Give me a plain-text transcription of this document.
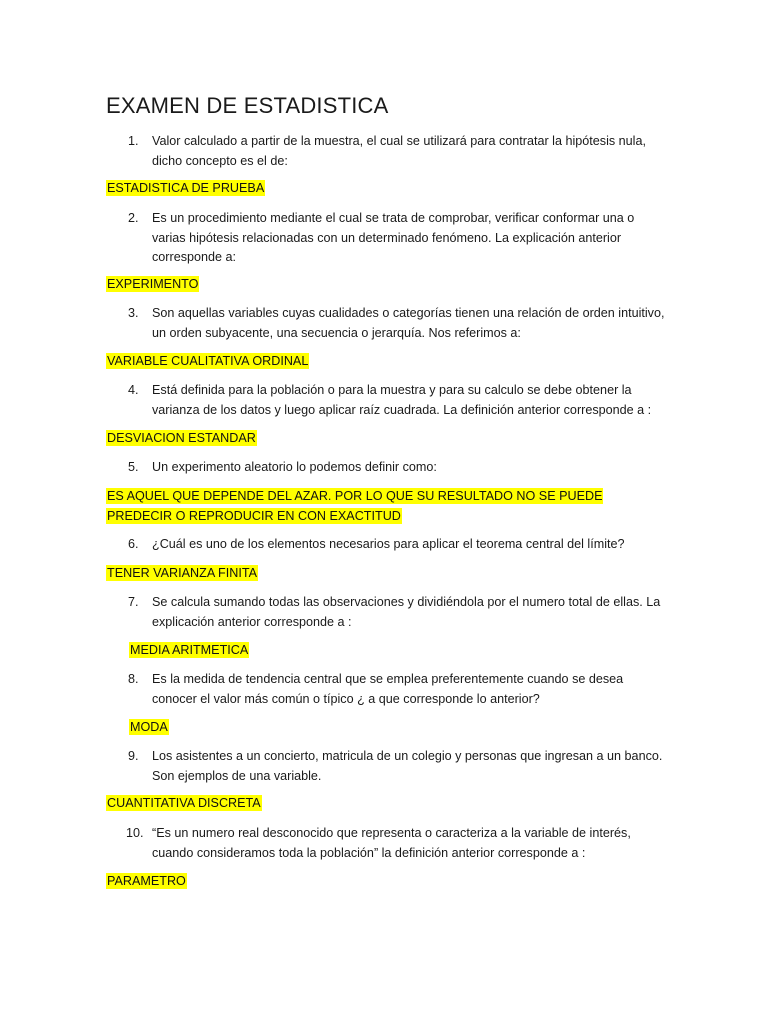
EXAMEN DE ESTADISTICA
1.	Valor calculado a partir de la muestra, el cual se utilizará para contratar la hipótesis nula, dicho concepto es el de:
ESTADISTICA DE PRUEBA
2.	Es un procedimiento mediante el cual se trata de comprobar, verificar conformar una o varias hipótesis relacionadas con un determinado fenómeno. La explicación anterior corresponde a:
EXPERIMENTO
3.	Son aquellas variables cuyas cualidades o categorías tienen una relación de orden intuitivo, un orden subyacente, una secuencia o jerarquía. Nos referimos a:
VARIABLE CUALITATIVA ORDINAL
4.	Está definida para la población o para la muestra y para su calculo se debe obtener la varianza de los datos y luego aplicar raíz cuadrada. La definición anterior corresponde a :
DESVIACION ESTANDAR
5.	Un experimento aleatorio lo podemos definir como:
ES AQUEL QUE DEPENDE DEL AZAR. POR LO QUE SU RESULTADO NO SE PUEDE PREDECIR O REPRODUCIR EN CON EXACTITUD
6.	¿Cuál es uno de los elementos necesarios para aplicar el teorema central del límite?
TENER VARIANZA FINITA
7.	Se calcula sumando todas las observaciones y dividiéndola por el numero total de ellas. La explicación anterior corresponde a :
MEDIA ARITMETICA
8.	Es la medida de tendencia central que se emplea preferentemente cuando se desea conocer el valor más común o típico ¿ a que corresponde lo anterior?
MODA
9.	Los asistentes a un concierto, matricula de un colegio y personas que ingresan a un banco. Son ejemplos de una variable.
CUANTITATIVA DISCRETA
10. “Es un numero real desconocido que representa o caracteriza a la variable de interés, cuando consideramos toda la población” la definición anterior corresponde a :
PARAMETRO
